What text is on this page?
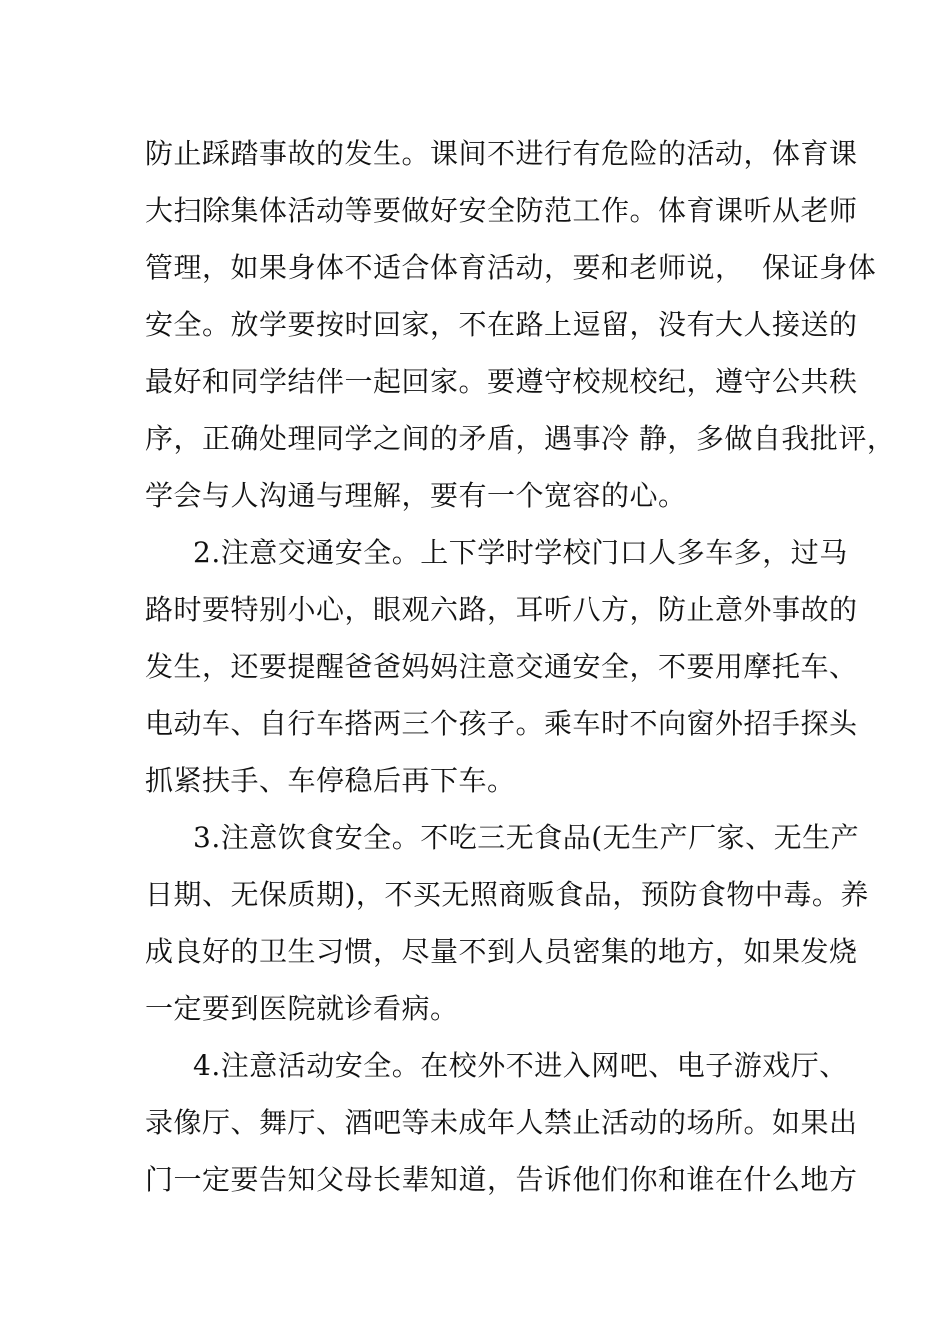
防止踩踏事故的发生。课间不进行有危险的活动，体育课
大扫除集体活动等要做好安全防范工作。体育课听从老师
管理，如果身体不适合体育活动，要和老师说，  保证身体
安全。放学要按时回家，不在路上逗留，没有大人接送的
最好和同学结伴一起回家。要遵守校规校纪，遵守公共秩
序，正确处理同学之间的矛盾，遇事冷 静，多做自我批评，
学会与人沟通与理解，要有一个宽容的心。
2.注意交通安全。上下学时学校门口人多车多，过马
路时要特别小心，眼观六路，耳听八方，防止意外事故的
发生，还要提醒爸爸妈妈注意交通安全，不要用摩托车、
电动车、自行车搭两三个孩子。乘车时不向窗外招手探头
抓紧扶手、车停稳后再下车。
3.注意饮食安全。不吃三无食品(无生产厂家、无生产
日期、无保质期)，不买无照商贩食品，预防食物中毒。养
成良好的卫生习惯，尽量不到人员密集的地方，如果发烧
一定要到医院就诊看病。
4.注意活动安全。在校外不进入网吧、电子游戏厅、
录像厅、舞厅、酒吧等未成年人禁止活动的场所。如果出
门一定要告知父母长辈知道，告诉他们你和谁在什么地方
